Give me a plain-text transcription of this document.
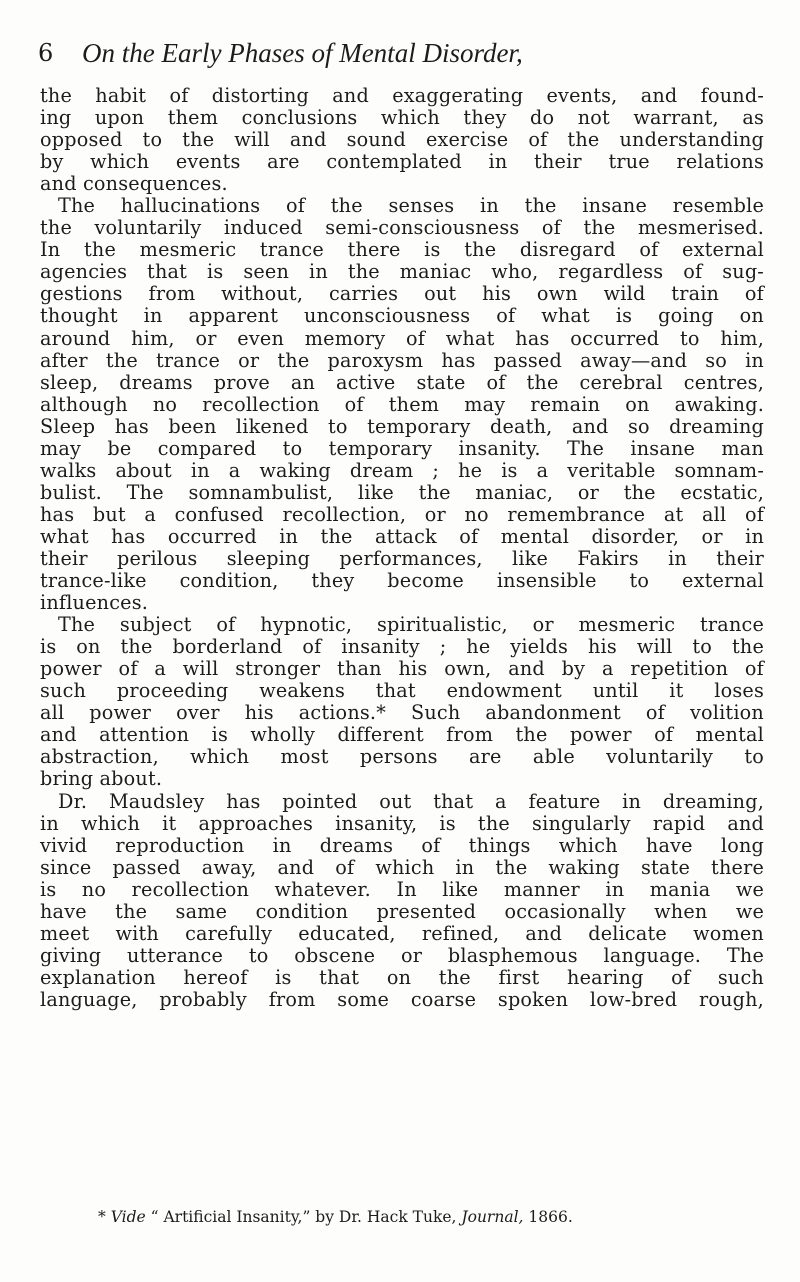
6 On the Early Phases of Mental Disorder,
the habit of distorting and exaggerating events, and found-
ing upon them conclusions which they do not warrant, as
opposed to the will and sound exercise of the understanding
by which events are contemplated in their true relations
and consequences.
The hallucinations of the senses in the insane resemble
the voluntarily induced semi-consciousness of the mesmerised.
In the mesmeric trance there is the disregard of external
agencies that is seen in the maniac who, regardless of sug-
gestions from without, carries out his own wild train of
thought in apparent unconsciousness of what is going on
around him, or even memory of what has occurred to him,
after the trance or the paroxysm has passed away—and so in
sleep, dreams prove an active state of the cerebral centres,
although no recollection of them may remain on awaking.
Sleep has been likened to temporary death, and so dreaming
may be compared to temporary insanity. The insane man
walks about in a waking dream ; he is a veritable somnam-
bulist. The somnambulist, like the maniac, or the ecstatic,
has but a confused recollection, or no remembrance at all of
what has occurred in the attack of mental disorder, or in
their perilous sleeping performances, like Fakirs in their
trance-like condition, they become insensible to external
influences.
The subject of hypnotic, spiritualistic, or mesmeric trance
is on the borderland of insanity ; he yields his will to the
power of a will stronger than his own, and by a repetition of
such proceeding weakens that endowment until it loses
all power over his actions.* Such abandonment of volition
and attention is wholly different from the power of mental
abstraction, which most persons are able voluntarily to
bring about.
Dr. Maudsley has pointed out that a feature in dreaming,
in which it approaches insanity, is the singularly rapid and
vivid reproduction in dreams of things which have long
since passed away, and of which in the waking state there
is no recollection whatever. In like manner in mania we
have the same condition presented occasionally when we
meet with carefully educated, refined, and delicate women
giving utterance to obscene or blasphemous language. The
explanation hereof is that on the first hearing of such
language, probably from some coarse spoken low-bred rough,
* Vide “ Artificial Insanity,” by Dr. Hack Tuke, Journal, 1866.
